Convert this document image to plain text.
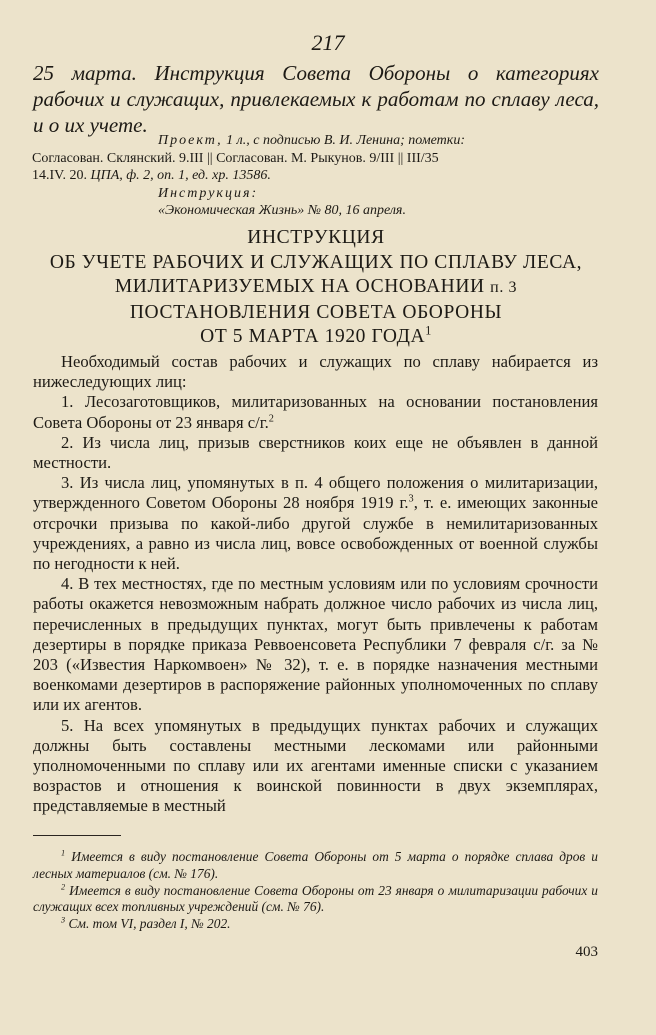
217
25 марта. Инструкция Совета Обороны о категориях рабочих и служащих, привлекаемых к работам по сплаву леса, и о их учете.
Проект, 1 л., с подписью В. И. Ленина; пометки:
Согласован. Склянский. 9.III || Согласован. М. Рыкунов. 9/III || III/35
14.IV. 20. ЦПА, ф. 2, оп. 1, ед. хр. 13586.
Инструкция:
«Экономическая Жизнь» № 80, 16 апреля.
ИНСТРУКЦИЯ
ОБ УЧЕТЕ РАБОЧИХ И СЛУЖАЩИХ ПО СПЛАВУ ЛЕСА,
МИЛИТАРИЗУЕМЫХ НА ОСНОВАНИИ п. 3
ПОСТАНОВЛЕНИЯ СОВЕТА ОБОРОНЫ
ОТ 5 МАРТА 1920 ГОДА$^1$

Необходимый состав рабочих и служащих по сплаву набирается из нижеследующих лиц:

1. Лесозаготовщиков, милитаризованных на основании постановления Совета Обороны от 23 января с/г.$^2$

2. Из числа лиц, призыв сверстников коих еще не объявлен в данной местности.

3. Из числа лиц, упомянутых в п. 4 общего положения о милитаризации, утвержденного Советом Обороны 28 ноября 1919 г.$^3$, т. е. имеющих законные отсрочки призыва по какой-либо другой службе в немилитаризованных учреждениях, а равно из числа лиц, вовсе освобожденных от военной службы по негодности к ней.

4. В тех местностях, где по местным условиям или по условиям срочности работы окажется невозможным набрать должное число рабочих из числа лиц, перечисленных в предыдущих пунктах, могут быть привлечены к работам дезертиры в порядке приказа Реввоенсовета Республики 7 февраля с/г. за № 203 («Известия Наркомвоен» № 32), т. е. в порядке назначения местными военкомами дезертиров в распоряжение районных уполномоченных по сплаву или их агентов.

5. На всех упомянутых в предыдущих пунктах рабочих и служащих должны быть составлены местными лескомами или районными уполномоченными по сплаву или их агентами именные списки с указанием возрастов и отношения к воинской повинности в двух экземплярах, представляемые в местный

$^1$ Имеется в виду постановление Совета Обороны от 5 марта о порядке сплава дров и лесных материалов (см. № 176).

$^2$ Имеется в виду постановление Совета Обороны от 23 января о милитаризации рабочих и служащих всех топливных учреждений (см. № 76).

$^3$ См. том VI, раздел I, № 202.

403
